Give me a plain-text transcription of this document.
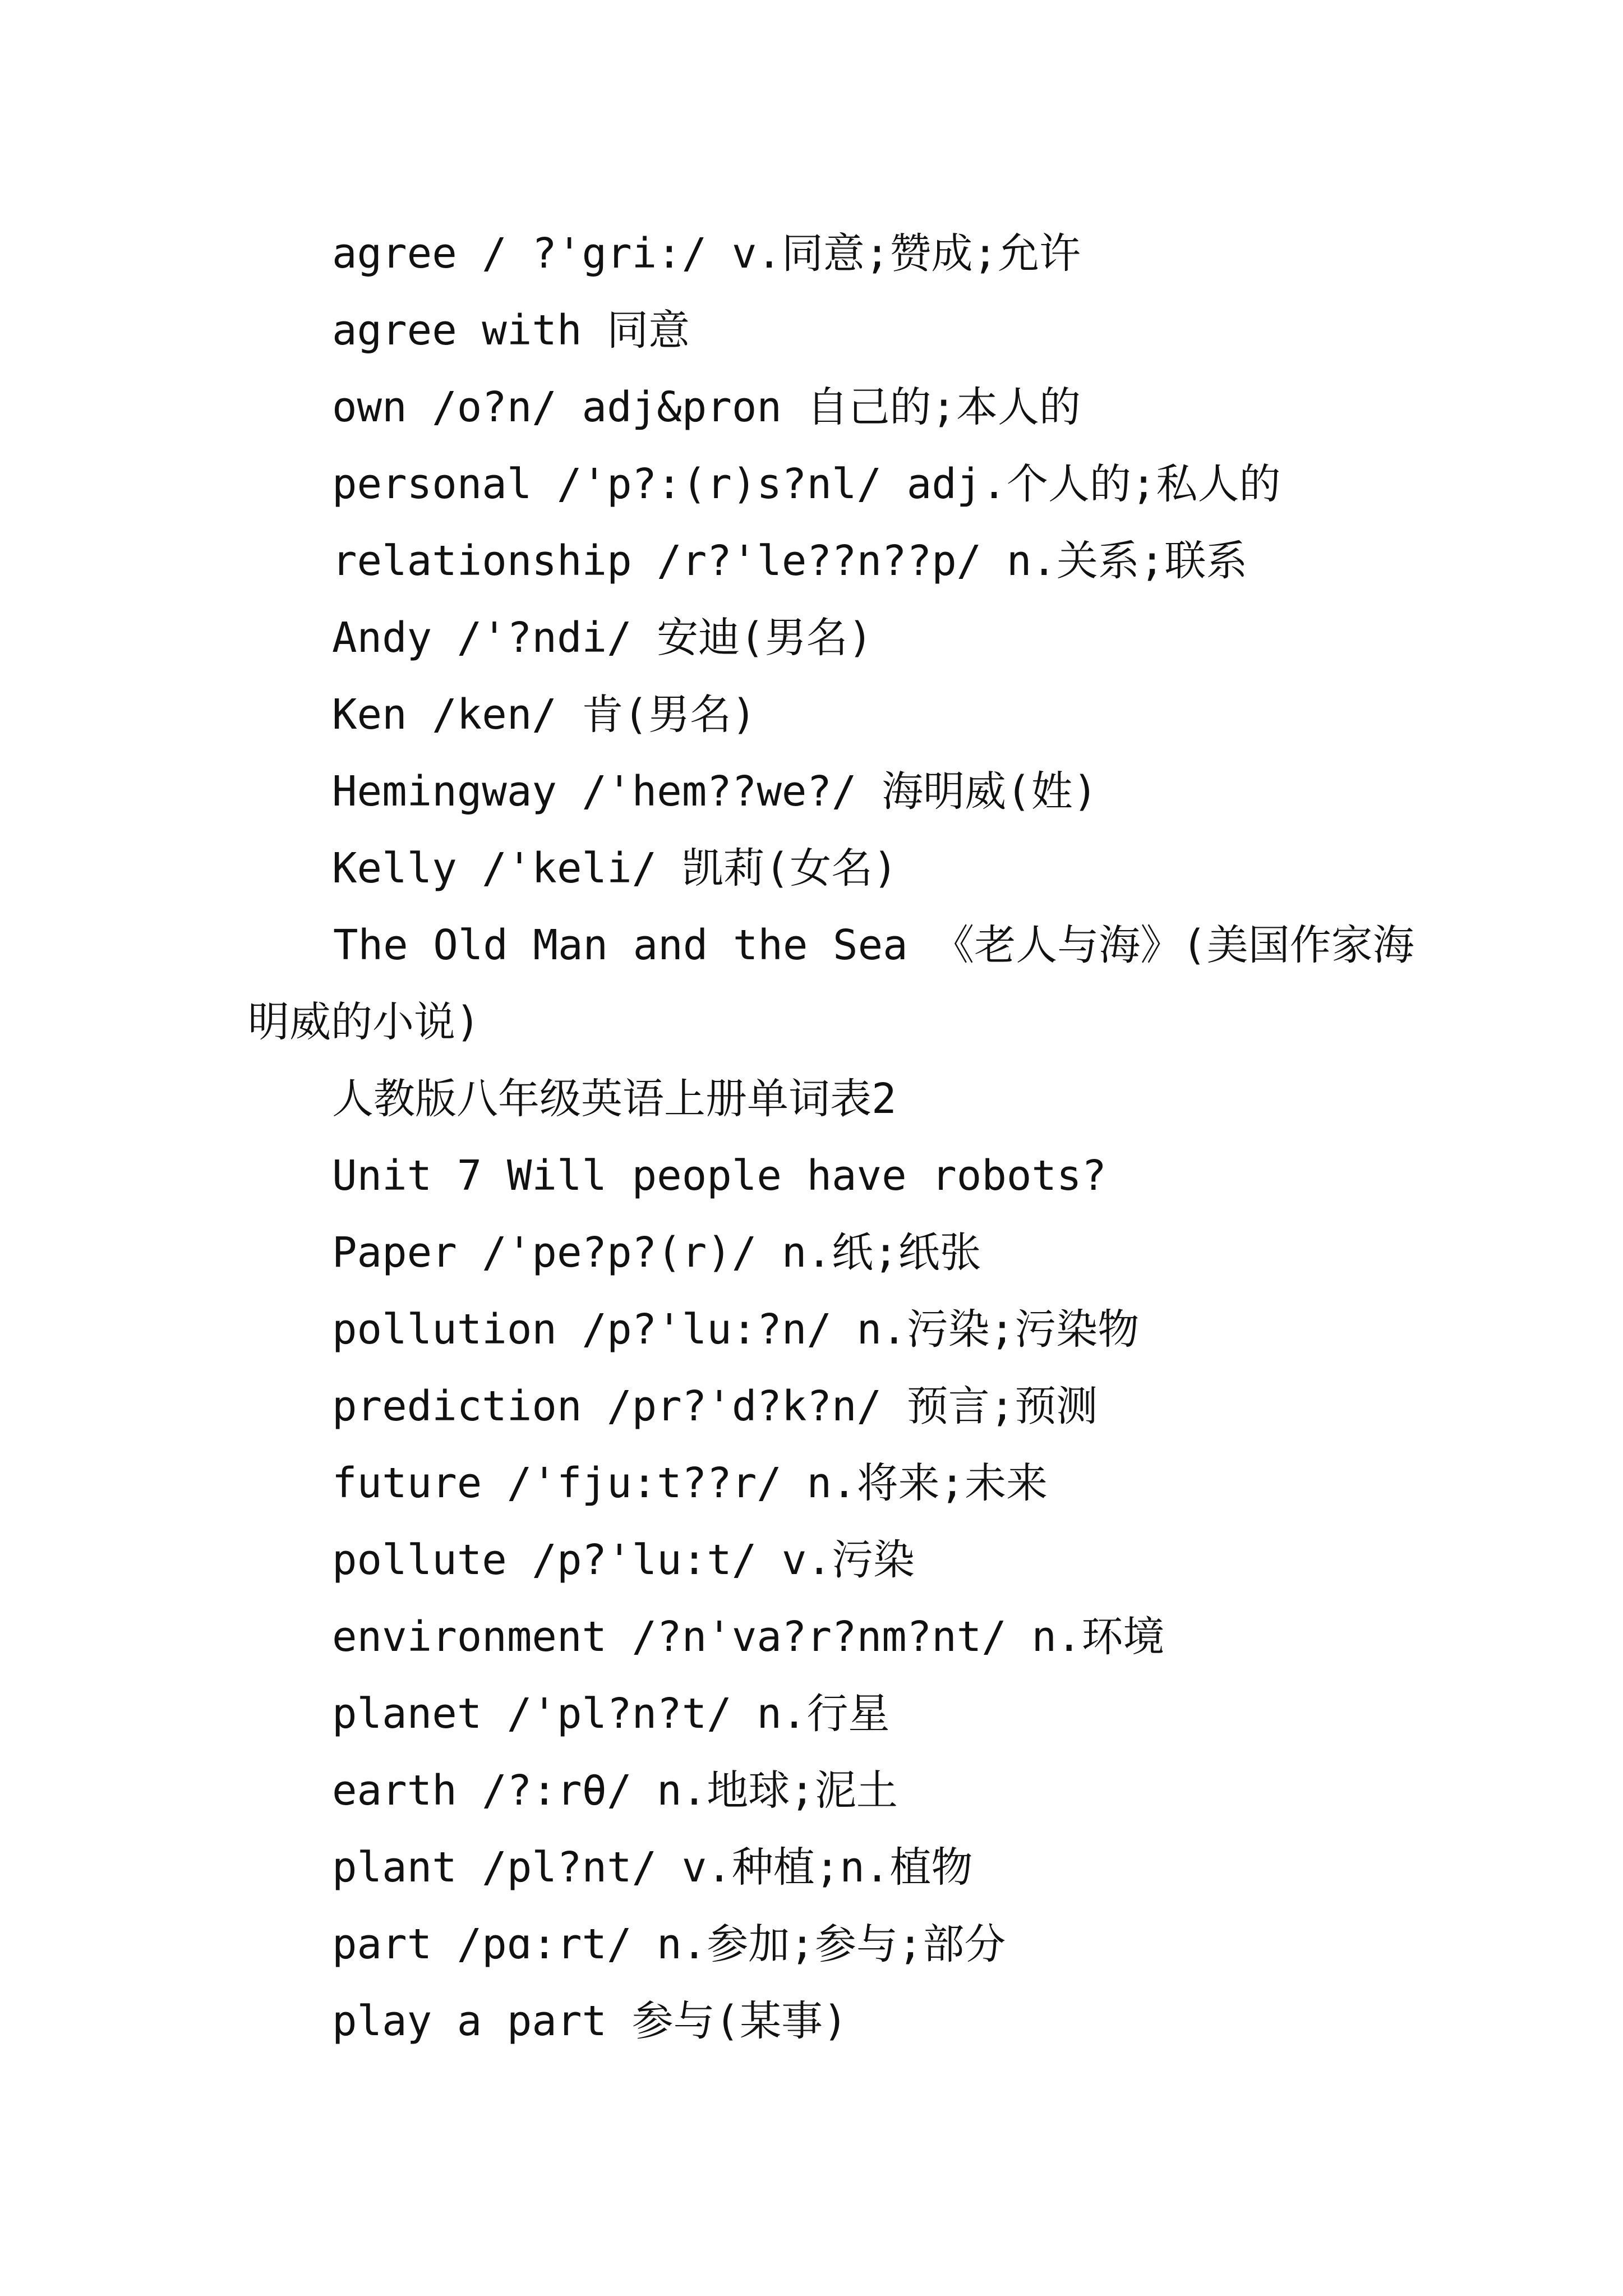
agree / ?'gri:/ v.同意;赞成;允许
agree with 同意
own /o?n/ adj&pron 自己的;本人的
personal /'p?:(r)s?nl/ adj.个人的;私人的
relationship /r?'le??n??p/ n.关系;联系
Andy /'?ndi/ 安迪(男名)
Ken /ken/ 肯(男名)
Hemingway /'hem??we?/ 海明威(姓)
Kelly /'keli/ 凯莉(女名)
The Old Man and the Sea 《老人与海》(美国作家海明威的小说)
人教版八年级英语上册单词表2
Unit 7 Will people have robots?
Paper /'pe?p?(r)/ n.纸;纸张
pollution /p?'lu:?n/ n.污染;污染物
prediction /pr?'d?k?n/ 预言;预测
future /'fju:t??r/ n.将来;未来
pollute /p?'lu:t/ v.污染
environment /?n'va?r?nm?nt/ n.环境
planet /'pl?n?t/ n.行星
earth /?:rθ/ n.地球;泥土
plant /pl?nt/ v.种植;n.植物
part /pɑ:rt/ n.参加;参与;部分
play a part 参与(某事)
